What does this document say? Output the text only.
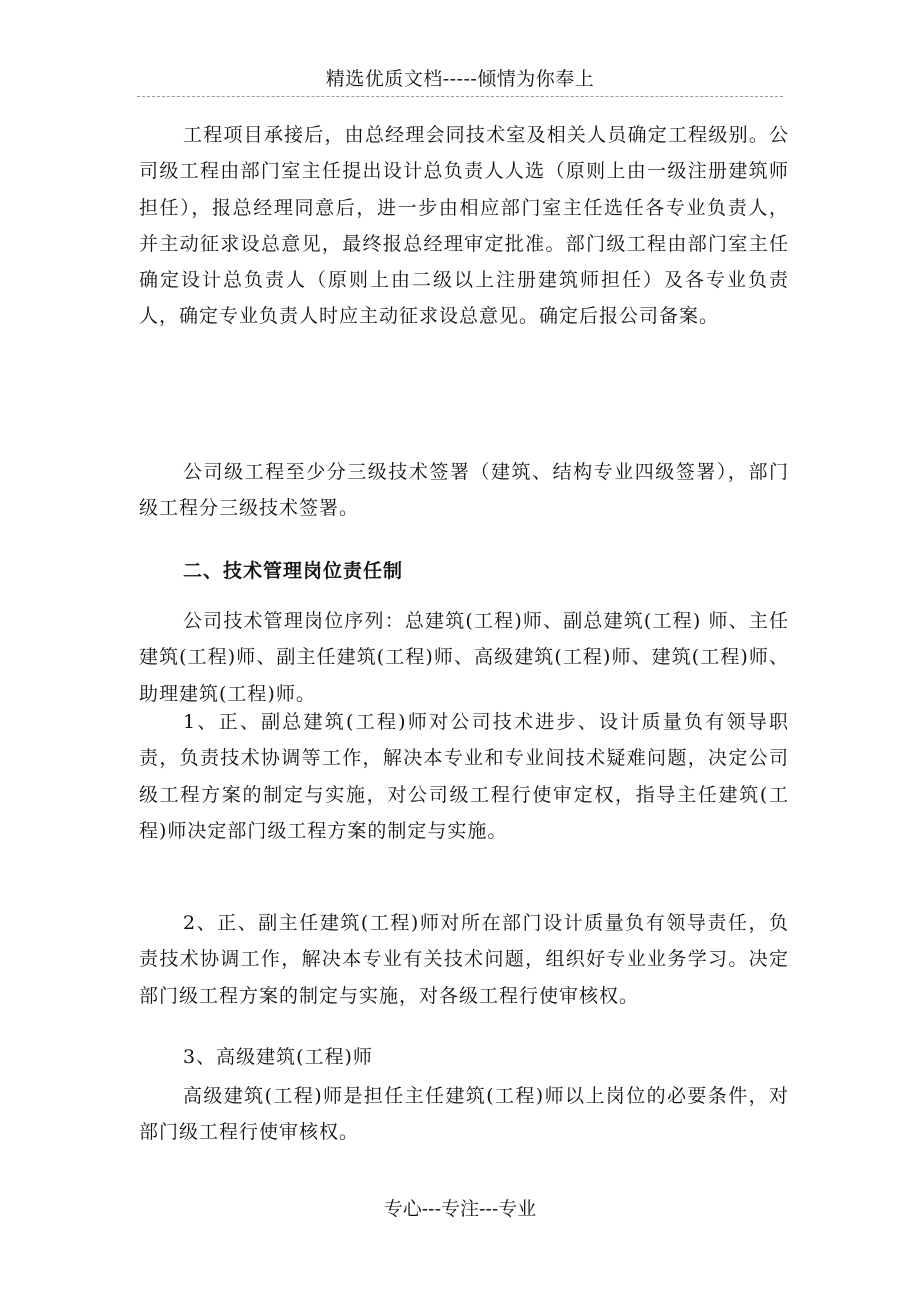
精选优质文档-----倾情为你奉上

工程项目承接后，由总经理会同技术室及相关人员确定工程级别。公司级工程由部门室主任提出设计总负责人人选（原则上由一级注册建筑师担任），报总经理同意后，进一步由相应部门室主任选任各专业负责人，并主动征求设总意见，最终报总经理审定批准。部门级工程由部门室主任确定设计总负责人（原则上由二级以上注册建筑师担任）及各专业负责人，确定专业负责人时应主动征求设总意见。确定后报公司备案。

公司级工程至少分三级技术签署（建筑、结构专业四级签署），部门级工程分三级技术签署。

二、技术管理岗位责任制

公司技术管理岗位序列：总建筑(工程)师、副总建筑(工程) 师、主任建筑(工程)师、副主任建筑(工程)师、高级建筑(工程)师、建筑(工程)师、助理建筑(工程)师。

1、正、副总建筑(工程)师对公司技术进步、设计质量负有领导职责，负责技术协调等工作，解决本专业和专业间技术疑难问题，决定公司级工程方案的制定与实施，对公司级工程行使审定权，指导主任建筑(工程)师决定部门级工程方案的制定与实施。

2、正、副主任建筑(工程)师对所在部门设计质量负有领导责任，负责技术协调工作，解决本专业有关技术问题，组织好专业业务学习。决定部门级工程方案的制定与实施，对各级工程行使审核权。

3、高级建筑(工程)师

高级建筑(工程)师是担任主任建筑(工程)师以上岗位的必要条件，对部门级工程行使审核权。

专心---专注---专业
